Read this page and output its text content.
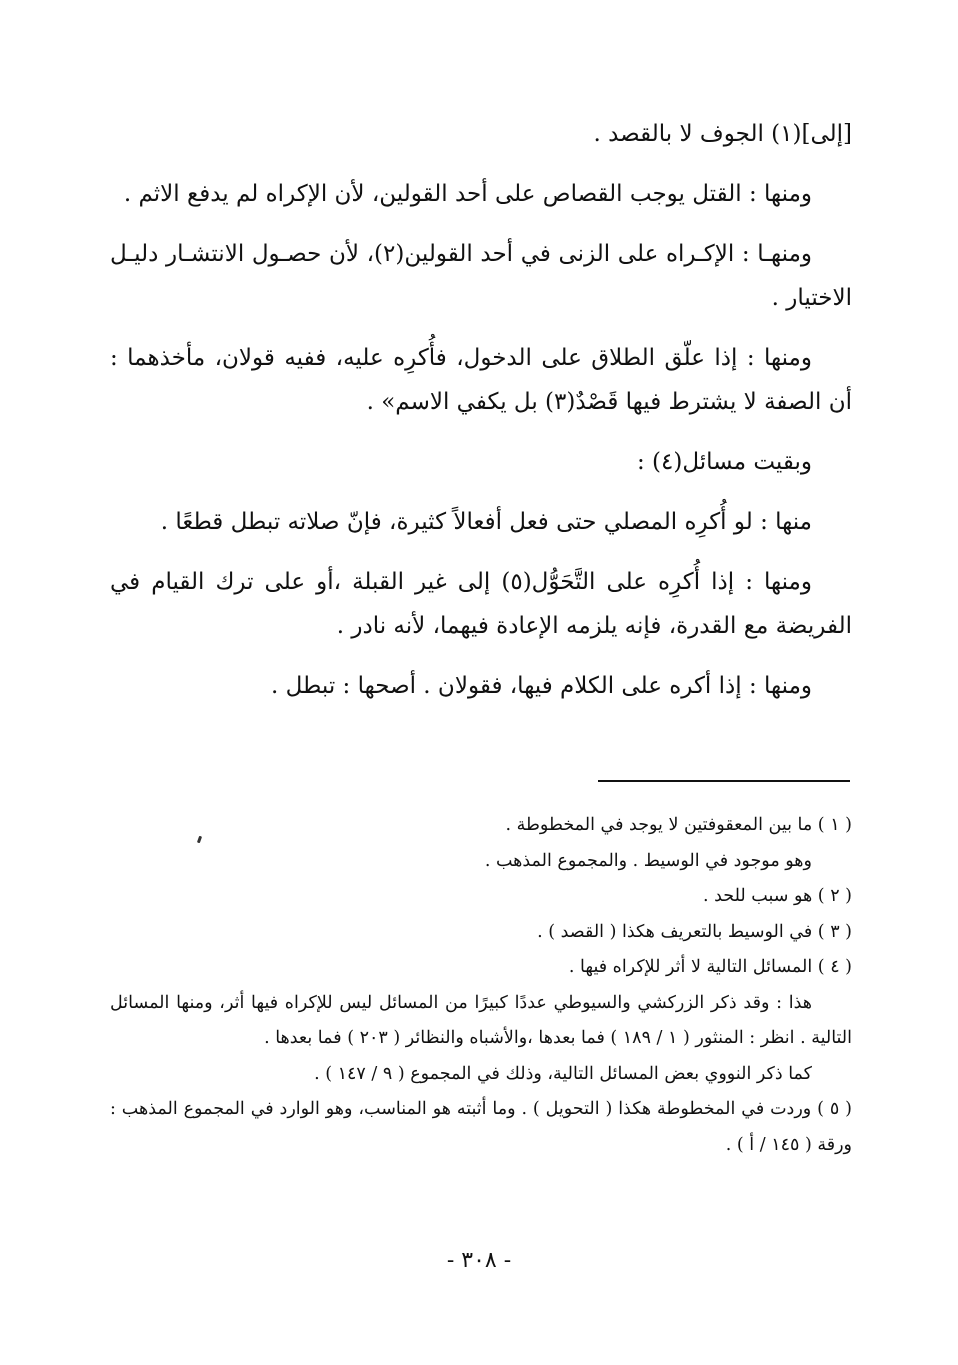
[إلى](١) الجوف لا بالقصد .

ومنها : القتل يوجب القصاص على أحد القولين، لأن الإكراه لم يدفع الاثم .

ومنهـا : الإكـراه على الزنى في أحد القولين(٢)، لأن حصـول الانتشـار دليـل الاختيار .

ومنها : إذا علّق الطلاق على الدخول، فأُكرِه عليه، ففيه قولان، مأخذهما : أن الصفة لا يشترط فيها قَصْدٌ(٣) بل يكفي الاسم» .

وبقيت مسائل(٤) :

منها : لو أُكرِه المصلي حتى فعل أفعالاً كثيرة، فإنّ صلاته تبطل قطعًا .

ومنها : إذا أُكرِه على التَّحَوُّل(٥) إلى غير القبلة ،أو على ترك القيام في الفريضة مع القدرة، فإنه يلزمه الإعادة فيهما، لأنه نادر .

ومنها : إذا أكره على الكلام فيها، فقولان . أصحها : تبطل .

( ١ ) ما بين المعقوفتين لا يوجد في المخطوطة .

وهو موجود في الوسيط . والمجموع المذهب .

( ٢ ) هو سبب للحد .

( ٣ ) في الوسيط بالتعريف هكذا ( القصد ) .

( ٤ ) المسائل التالية لا أثر للإكراه فيها .

هذا : وقد ذكر الزركشي والسيوطي عددًا كبيرًا من المسائل ليس للإكراه فيها أثر، ومنها المسائل التالية . انظر : المنثور ( ١ / ١٨٩ ) فما بعدها ،والأشباه والنظائر ( ٢٠٣ ) فما بعدها .

كما ذكر النووي بعض المسائل التالية، وذلك في المجموع ( ٩ / ١٤٧ ) .

( ٥ ) وردت في المخطوطة هكذا ( التحويل ) . وما أثبته هو المناسب، وهو الوارد في المجموع المذهب : ورقة ( ١٤٥ / أ ) .

- ٣٠٨ -
